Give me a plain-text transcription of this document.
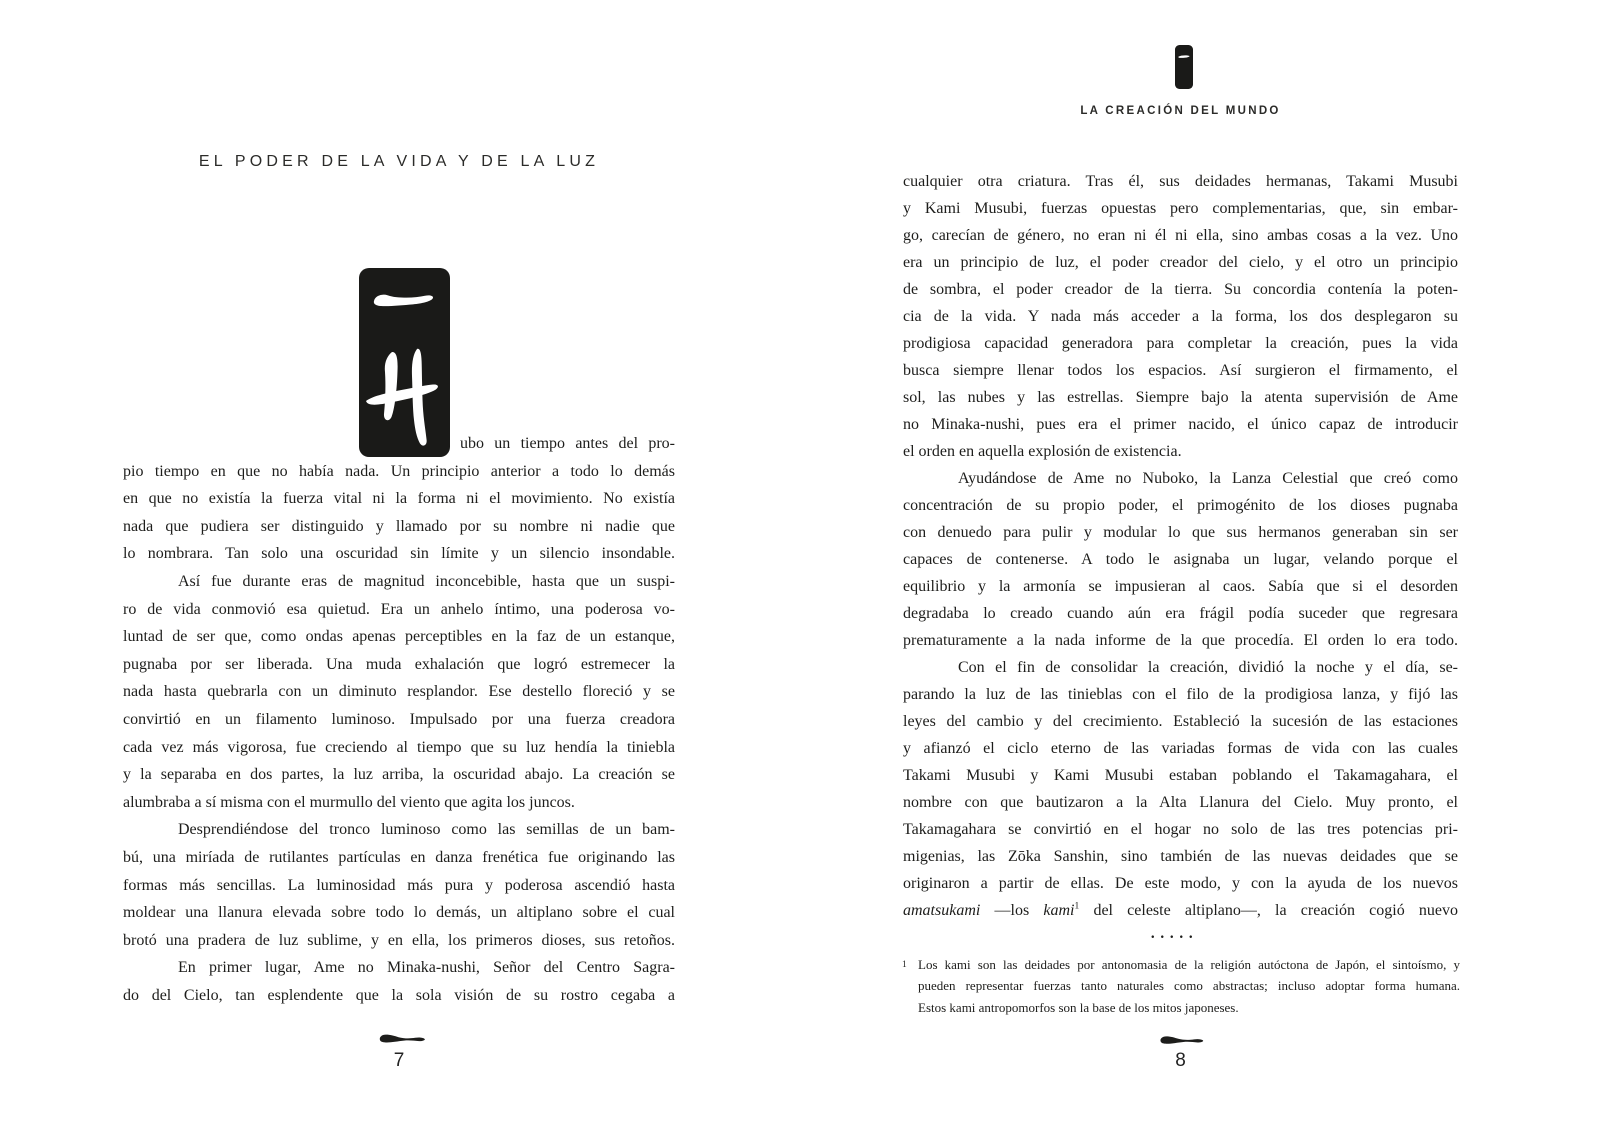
EL PODER DE LA VIDA Y DE LA LUZ
ubo un tiempo antes del pro-
pio tiempo en que no había nada. Un principio anterior a todo lo demás
en que no existía la fuerza vital ni la forma ni el movimiento. No existía
nada que pudiera ser distinguido y llamado por su nombre ni nadie que
lo nombrara. Tan solo una oscuridad sin límite y un silencio insondable.
Así fue durante eras de magnitud inconcebible, hasta que un suspi-
ro de vida conmovió esa quietud. Era un anhelo íntimo, una poderosa vo-
luntad de ser que, como ondas apenas perceptibles en la faz de un estanque,
pugnaba por ser liberada. Una muda exhalación que logró estremecer la
nada hasta quebrarla con un diminuto resplandor. Ese destello floreció y se
convirtió en un filamento luminoso. Impulsado por una fuerza creadora
cada vez más vigorosa, fue creciendo al tiempo que su luz hendía la tiniebla
y la separaba en dos partes, la luz arriba, la oscuridad abajo. La creación se
alumbraba a sí misma con el murmullo del viento que agita los juncos.
Desprendiéndose del tronco luminoso como las semillas de un bam-
bú, una miríada de rutilantes partículas en danza frenética fue originando las
formas más sencillas. La luminosidad más pura y poderosa ascendió hasta
moldear una llanura elevada sobre todo lo demás, un altiplano sobre el cual
brotó una pradera de luz sublime, y en ella, los primeros dioses, sus retoños.
En primer lugar, Ame no Minaka-nushi, Señor del Centro Sagra-
do del Cielo, tan esplendente que la sola visión de su rostro cegaba a
7
LA CREACIÓN DEL MUNDO
cualquier otra criatura. Tras él, sus deidades hermanas, Takami Musubi
y Kami Musubi, fuerzas opuestas pero complementarias, que, sin embar-
go, carecían de género, no eran ni él ni ella, sino ambas cosas a la vez. Uno
era un principio de luz, el poder creador del cielo, y el otro un principio
de sombra, el poder creador de la tierra. Su concordia contenía la poten-
cia de la vida. Y nada más acceder a la forma, los dos desplegaron su
prodigiosa capacidad generadora para completar la creación, pues la vida
busca siempre llenar todos los espacios. Así surgieron el firmamento, el
sol, las nubes y las estrellas. Siempre bajo la atenta supervisión de Ame
no Minaka-nushi, pues era el primer nacido, el único capaz de introducir
el orden en aquella explosión de existencia.
Ayudándose de Ame no Nuboko, la Lanza Celestial que creó como
concentración de su propio poder, el primogénito de los dioses pugnaba
con denuedo para pulir y modular lo que sus hermanos generaban sin ser
capaces de contenerse. A todo le asignaba un lugar, velando porque el
equilibrio y la armonía se impusieran al caos. Sabía que si el desorden
degradaba lo creado cuando aún era frágil podía suceder que regresara
prematuramente a la nada informe de la que procedía. El orden lo era todo.
Con el fin de consolidar la creación, dividió la noche y el día, se-
parando la luz de las tinieblas con el filo de la prodigiosa lanza, y fijó las
leyes del cambio y del crecimiento. Estableció la sucesión de las estaciones
y afianzó el ciclo eterno de las variadas formas de vida con las cuales
Takami Musubi y Kami Musubi estaban poblando el Takamagahara, el
nombre con que bautizaron a la Alta Llanura del Cielo. Muy pronto, el
Takamagahara se convirtió en el hogar no solo de las tres potencias pri-
migenias, las Zōka Sanshin, sino también de las nuevas deidades que se
originaron a partir de ellas. De este modo, y con la ayuda de los nuevos
amatsukami —los kami$^1$ del celeste altiplano—, la creación cogió nuevo
•••••
1 Los kami son las deidades por antonomasia de la religión autóctona de Japón, el sintoísmo, y
pueden representar fuerzas tanto naturales como abstractas; incluso adoptar forma humana.
Estos kami antropomorfos son la base de los mitos japoneses.
8
